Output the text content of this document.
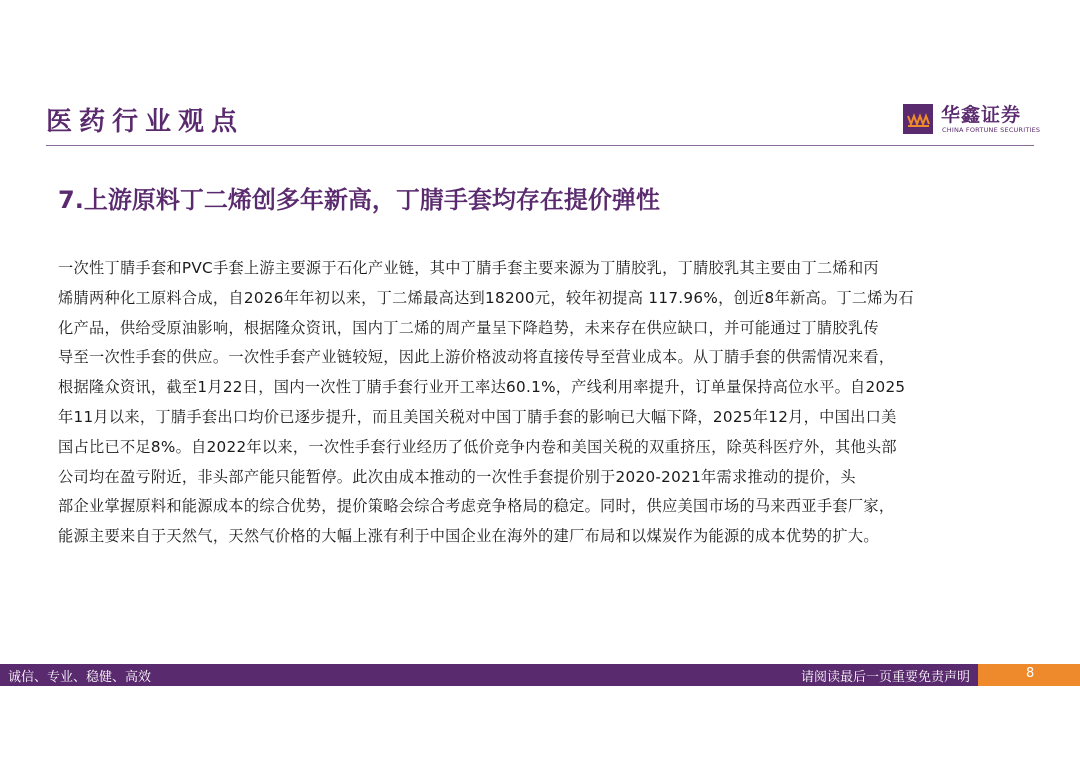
医药行业观点	华鑫证券
CHINA FORTUNE SECURITIES
7.上游原料丁二烯创多年新高，丁腈手套均存在提价弹性
一次性丁腈手套和PVC手套上游主要源于石化产业链，其中丁腈手套主要来源为丁腈胶乳，丁腈胶乳其主要由丁二烯和丙
烯腈两种化工原料合成，自2026年年初以来，丁二烯最高达到18200元，较年初提高 117.96%，创近8年新高。丁二烯为石
化产品，供给受原油影响，根据隆众资讯，国内丁二烯的周产量呈下降趋势，未来存在供应缺口，并可能通过丁腈胶乳传
导至一次性手套的供应。一次性手套产业链较短，因此上游价格波动将直接传导至营业成本。从丁腈手套的供需情况来看，
根据隆众资讯，截至1月22日，国内一次性丁腈手套行业开工率达60.1%，产线利用率提升，订单量保持高位水平。自2025
年11月以来，丁腈手套出口均价已逐步提升，而且美国关税对中国丁腈手套的影响已大幅下降，2025年12月，中国出口美
国占比已不足8%。自2022年以来，一次性手套行业经历了低价竞争内卷和美国关税的双重挤压，除英科医疗外，其他头部
公司均在盈亏附近，非头部产能只能暂停。此次由成本推动的一次性手套提价别于2020-2021年需求推动的提价，头
部企业掌握原料和能源成本的综合优势，提价策略会综合考虑竞争格局的稳定。同时，供应美国市场的马来西亚手套厂家，
能源主要来自于天然气，天然气价格的大幅上涨有利于中国企业在海外的建厂布局和以煤炭作为能源的成本优势的扩大。
诚信、专业、稳健、高效	请阅读最后一页重要免责声明	8
